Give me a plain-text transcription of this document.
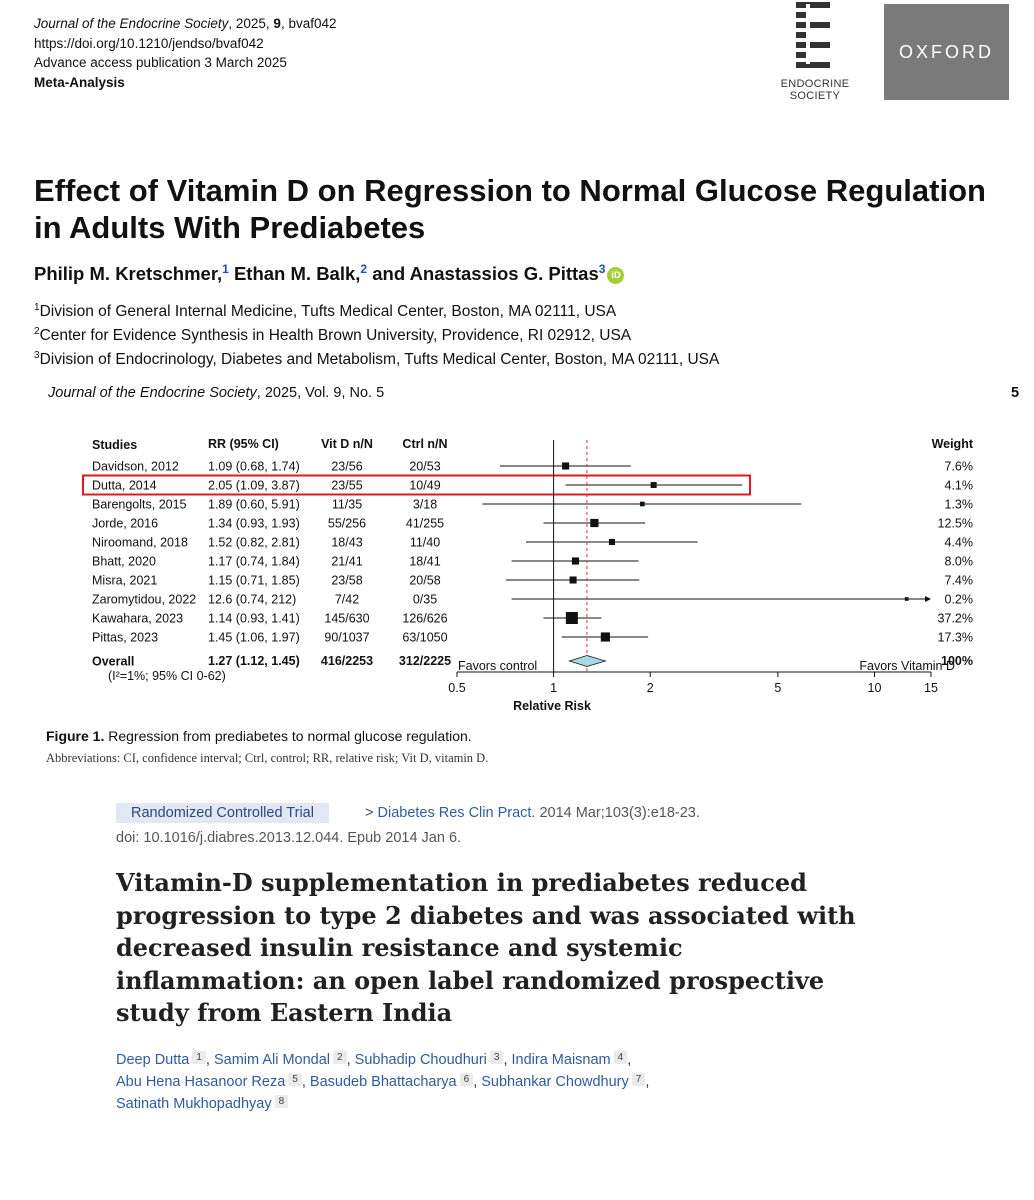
Journal of the Endocrine Society, 2025, 9, bvaf042
https://doi.org/10.1210/jendso/bvaf042
Advance access publication 3 March 2025
Meta-Analysis	ENDOCRINE
SOCIETY
OXFORD
Effect of Vitamin D on Regression to Normal Glucose Regulation in Adults With Prediabetes
Philip M. Kretschmer,$^1$ Ethan M. Balk,$^2$ and Anastassios G. Pittas$^3$ iD
$^1$Division of General Internal Medicine, Tufts Medical Center, Boston, MA 02111, USA
$^2$Center for Evidence Synthesis in Health Brown University, Providence, RI 02912, USA
$^3$Division of Endocrinology, Diabetes and Metabolism, Tufts Medical Center, Boston, MA 02111, USA
Journal of the Endocrine Society, 2025, Vol. 9, No. 5	5
Studies	RR (95% CI)	Vit D n/N Ctrl n/N	Weight
Davidson, 2012 1.09 (0.68, 1.74)	23/56	20/53	7.6%
Dutta, 2014	2.05 (1.09, 3.87)	23/55	10/49	4.1%
Barengolts, 2015 1.89 (0.60, 5.91)	11/35	3/18	1.3%
Jorde, 2016	1.34 (0.93, 1.93) 55/256	41/255	12.5%
Niroomand, 2018 1.52 (0.82, 2.81)	18/43	11/40	4.4%
Bhatt, 2020	1.17 (0.74, 1.84)	21/41	18/41	8.0%
Misra, 2021	1.15 (0.71, 1.85)	23/58	20/58	7.4%
Zaromytidou, 2022 12.6 (0.74, 212)	7/42	0/35	0.2%
Kawahara, 2023 1.14 (0.93, 1.41) 145/630	126/626	37.2%
Pittas, 2023	1.45 (1.06, 1.97) 90/1037	63/1050	17.3%
Overall	1.27 (1.12, 1.45) 416/2253 312/2225	100%
(I²=1%; 95% CI 0-62)
Favors control	Favors Vitamin D
0.5	1	2	5	10	15
Relative Risk
Figure 1. Regression from prediabetes to normal glucose regulation.
Abbreviations: CI, confidence interval; Ctrl, control; RR, relative risk; Vit D, vitamin D.
Randomized Controlled Trial	> Diabetes Res Clin Pract. 2014 Mar;103(3):e18-23.
doi: 10.1016/j.diabres.2013.12.044. Epub 2014 Jan 6.
Vitamin-D supplementation in prediabetes reduced progression to type 2 diabetes and was associated with decreased insulin resistance and systemic inflammation: an open label randomized prospective study from Eastern India
Deep Dutta 1 , Samim Ali Mondal 2 , Subhadip Choudhuri 3 , Indira Maisnam 4 ,
Abu Hena Hasanoor Reza 5 , Basudeb Bhattacharya 6 , Subhankar Chowdhury 7 ,
Satinath Mukhopadhyay 8
